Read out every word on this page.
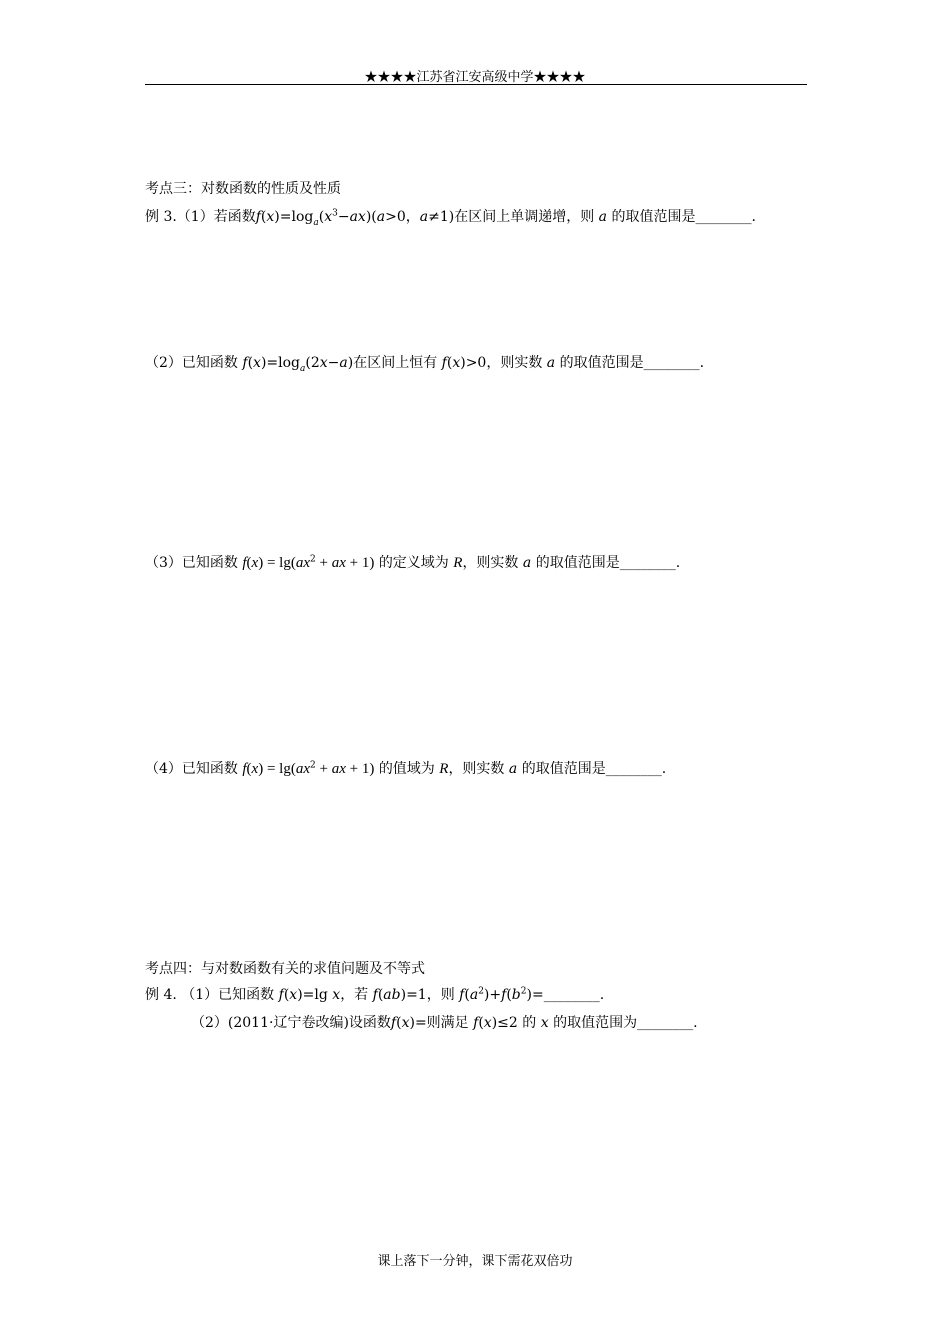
★★★★江苏省江安高级中学★★★★
考点三：对数函数的性质及性质
例 3.（1）若函数$f(x)=\log_a(x^3-ax)(a>0$，a≠1)在区间上单调递增，则 a 的取值范围是________.
（2）已知函数 $f(x)=\log_a(2x-a)$在区间上恒有 f(x)>0，则实数 a 的取值范围是________.
（3）已知函数 $f(x) = \lg(ax^2$ + ax + 1) 的定义域为 R，则实数 a 的取值范围是________.
（4）已知函数 $f(x) = \lg(ax^2$ + ax + 1) 的值域为 R，则实数 a 的取值范围是________.
考点四：与对数函数有关的求值问题及不等式
例 4. （1）已知函数 f(x)=lg x，若 f(ab)=1，则 $f(a^2)+f(b^2)=\_\_\_\_\_\_\_\_$.
（2）(2011·辽宁卷改编)设函数f(x)=则满足 f(x)≤2 的 x 的取值范围为________.
课上落下一分钟，课下需花双倍功
